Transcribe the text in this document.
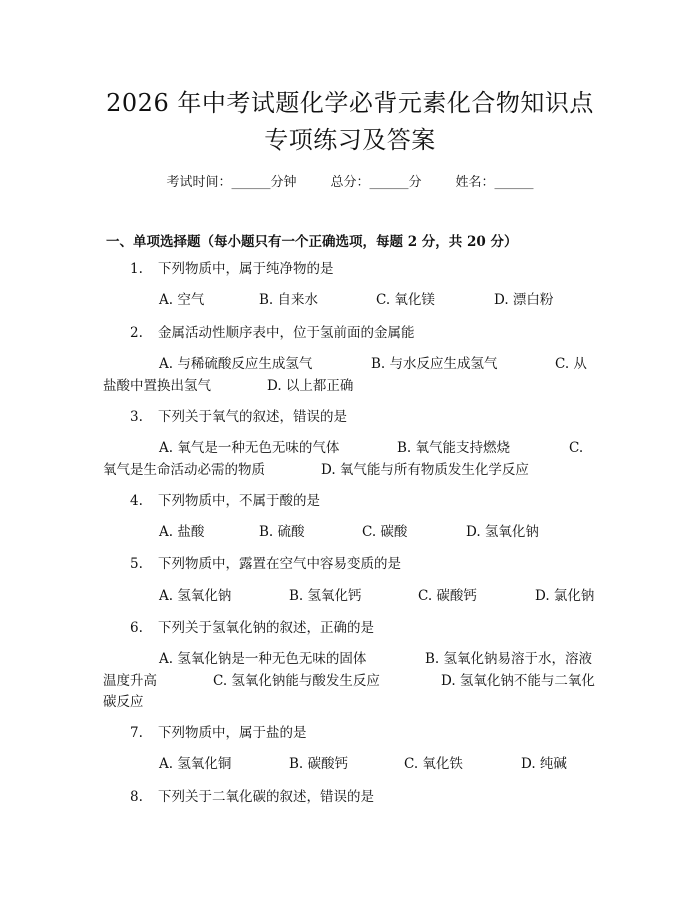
2026 年中考试题化学必背元素化合物知识点
专项练习及答案
考试时间：______分钟	总分：______分	姓名：______
一、单项选择题（每小题只有一个正确选项，每题 2 分，共 20 分）
1. 下列物质中，属于纯净物的是
A. 空气	B. 自来水	C. 氧化镁	D. 漂白粉
2. 金属活动性顺序表中，位于氢前面的金属能
A. 与稀硫酸反应生成氢气	B. 与水反应生成氢气	C. 从
盐酸中置换出氢气	D. 以上都正确
3. 下列关于氧气的叙述，错误的是
A. 氧气是一种无色无味的气体	B. 氧气能支持燃烧	C.
氧气是生命活动必需的物质	D. 氧气能与所有物质发生化学反应
4. 下列物质中，不属于酸的是
A. 盐酸	B. 硫酸	C. 碳酸	D. 氢氧化钠
5. 下列物质中，露置在空气中容易变质的是
A. 氢氧化钠	B. 氢氧化钙	C. 碳酸钙	D. 氯化钠
6. 下列关于氢氧化钠的叙述，正确的是
A. 氢氧化钠是一种无色无味的固体	B. 氢氧化钠易溶于水，溶液
温度升高	C. 氢氧化钠能与酸发生反应	D. 氢氧化钠不能与二氧化
碳反应
7. 下列物质中，属于盐的是
A. 氢氧化铜	B. 碳酸钙	C. 氧化铁	D. 纯碱
8. 下列关于二氧化碳的叙述，错误的是
